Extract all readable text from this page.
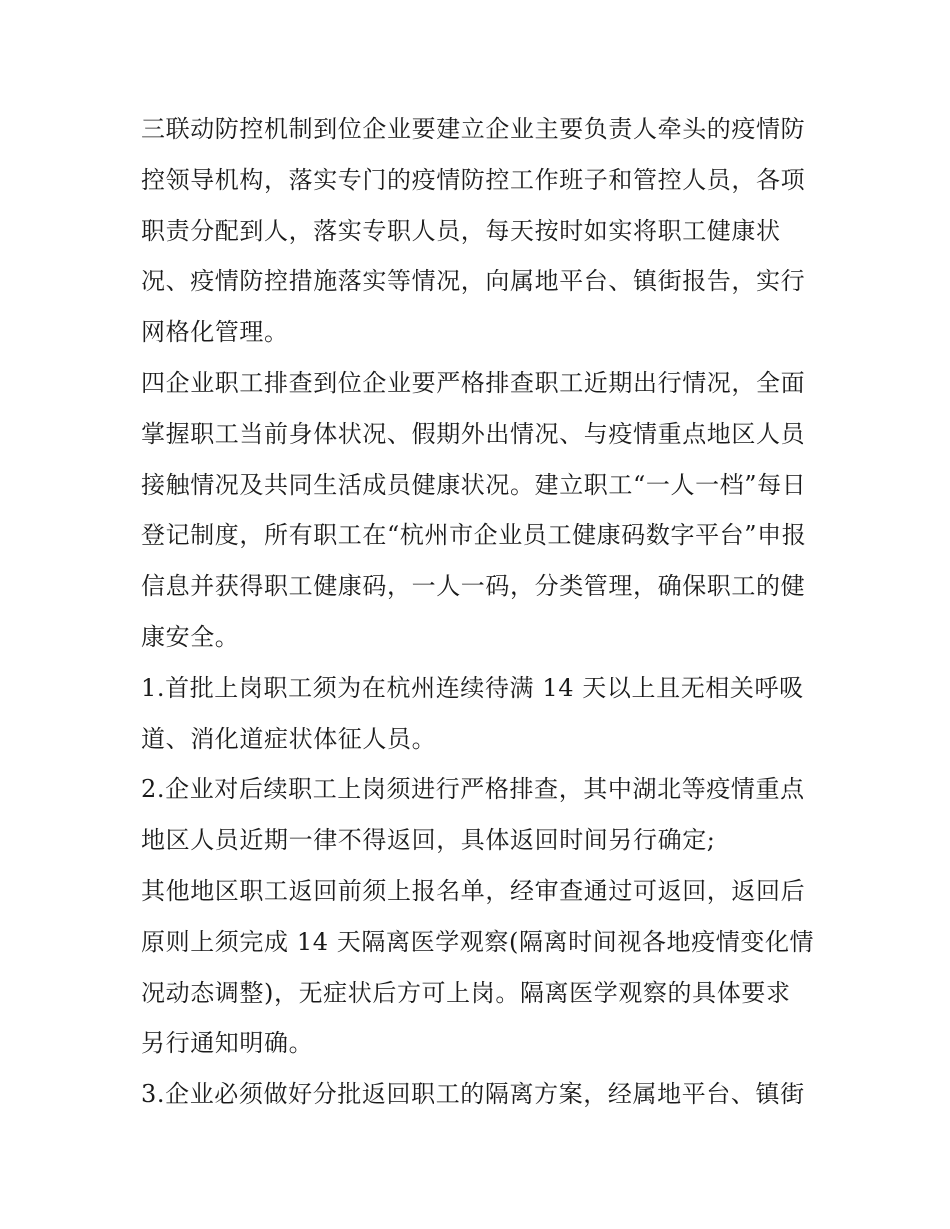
三联动防控机制到位企业要建立企业主要负责人牵头的疫情防
控领导机构，落实专门的疫情防控工作班子和管控人员，各项
职责分配到人，落实专职人员，每天按时如实将职工健康状
况、疫情防控措施落实等情况，向属地平台、镇街报告，实行
网格化管理。
四企业职工排查到位企业要严格排查职工近期出行情况，全面
掌握职工当前身体状况、假期外出情况、与疫情重点地区人员
接触情况及共同生活成员健康状况。建立职工“一人一档”每日
登记制度，所有职工在“杭州市企业员工健康码数字平台”申报
信息并获得职工健康码，一人一码，分类管理，确保职工的健
康安全。
1.首批上岗职工须为在杭州连续待满 14 天以上且无相关呼吸
道、消化道症状体征人员。
2.企业对后续职工上岗须进行严格排查，其中湖北等疫情重点
地区人员近期一律不得返回，具体返回时间另行确定;
其他地区职工返回前须上报名单，经审查通过可返回，返回后
原则上须完成 14 天隔离医学观察(隔离时间视各地疫情变化情
况动态调整)，无症状后方可上岗。隔离医学观察的具体要求
另行通知明确。
3.企业必须做好分批返回职工的隔离方案，经属地平台、镇街
